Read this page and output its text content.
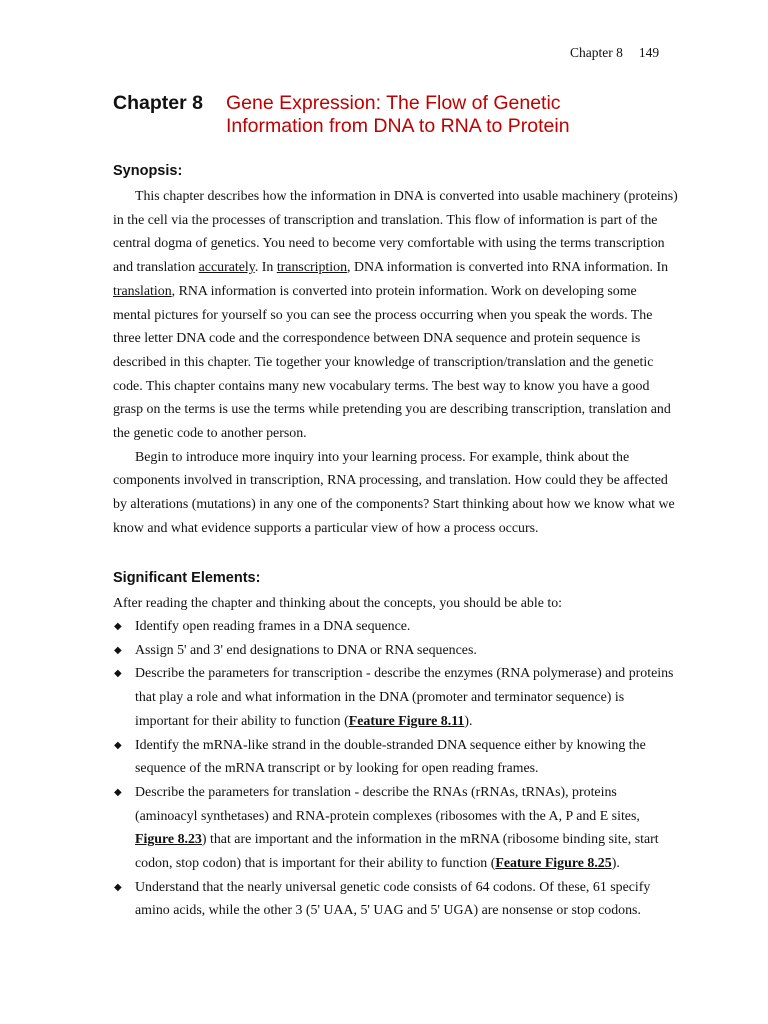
Chapter 8 149
Chapter 8 Gene Expression: The Flow of Genetic
Information from DNA to RNA to Protein
Synopsis:

This chapter describes how the information in DNA is converted into usable machinery (proteins)
in the cell via the processes of transcription and translation. This flow of information is part of the
central dogma of genetics. You need to become very comfortable with using the terms transcription
and translation accurately. In transcription, DNA information is converted into RNA information. In
translation, RNA information is converted into protein information. Work on developing some
mental pictures for yourself so you can see the process occurring when you speak the words. The
three letter DNA code and the correspondence between DNA sequence and protein sequence is
described in this chapter. Tie together your knowledge of transcription/translation and the genetic
code. This chapter contains many new vocabulary terms. The best way to know you have a good
grasp on the terms is use the terms while pretending you are describing transcription, translation and
the genetic code to another person.

Begin to introduce more inquiry into your learning process. For example, think about the
components involved in transcription, RNA processing, and translation. How could they be affected
by alterations (mutations) in any one of the components? Start thinking about how we know what we
know and what evidence supports a particular view of how a process occurs.

Significant Elements:
After reading the chapter and thinking about the concepts, you should be able to:
◆ Identify open reading frames in a DNA sequence.
◆ Assign 5' and 3' end designations to DNA or RNA sequences.
◆ Describe the parameters for transcription - describe the enzymes (RNA polymerase) and proteins
that play a role and what information in the DNA (promoter and terminator sequence) is
important for their ability to function (Feature Figure 8.11).
◆ Identify the mRNA-like strand in the double-stranded DNA sequence either by knowing the
sequence of the mRNA transcript or by looking for open reading frames.
◆ Describe the parameters for translation - describe the RNAs (rRNAs, tRNAs), proteins
(aminoacyl synthetases) and RNA-protein complexes (ribosomes with the A, P and E sites,
Figure 8.23) that are important and the information in the mRNA (ribosome binding site, start
codon, stop codon) that is important for their ability to function (Feature Figure 8.25).
◆ Understand that the nearly universal genetic code consists of 64 codons. Of these, 61 specify
amino acids, while the other 3 (5' UAA, 5' UAG and 5' UGA) are nonsense or stop codons.
